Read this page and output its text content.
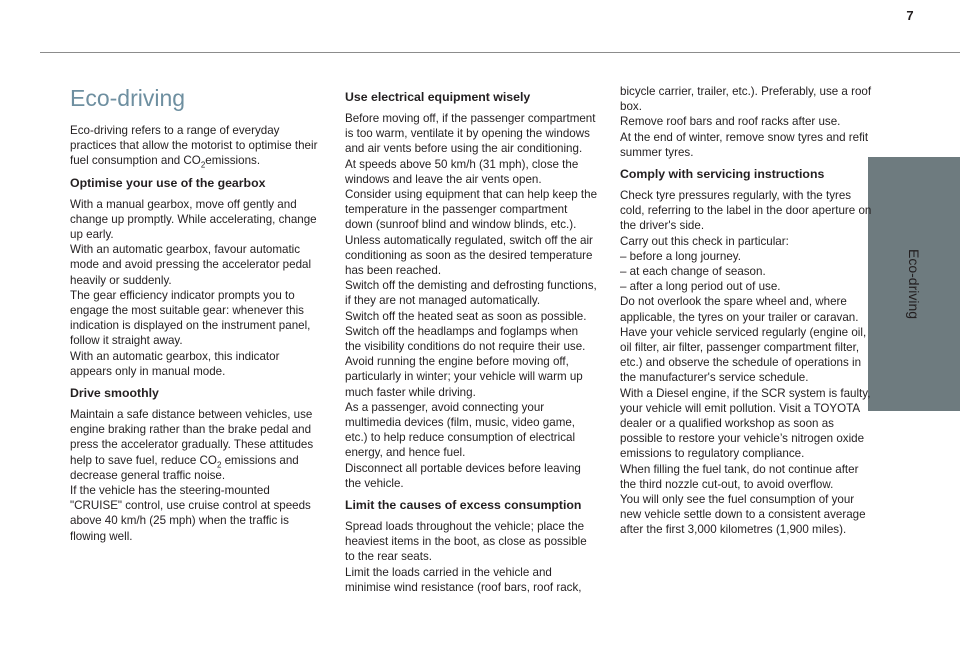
7
Eco-driving
Eco-driving

Eco-driving refers to a range of everyday practices that allow the motorist to optimise their fuel consumption and $CO_2emissions$.

Optimise your use of the gearbox

With a manual gearbox, move off gently and change up promptly. While accelerating, change up early.
With an automatic gearbox, favour automatic mode and avoid pressing the accelerator pedal heavily or suddenly.
The gear efficiency indicator prompts you to engage the most suitable gear: whenever this indication is displayed on the instrument panel, follow it straight away.
With an automatic gearbox, this indicator appears only in manual mode.

Drive smoothly

Maintain a safe distance between vehicles, use engine braking rather than the brake pedal and press the accelerator gradually. These attitudes help to save fuel, reduce $CO_2$ emissions and decrease general traffic noise.
If the vehicle has the steering-mounted "CRUISE" control, use cruise control at speeds above 40 km/h (25 mph) when the traffic is flowing well.

Use electrical equipment wisely

Before moving off, if the passenger compartment is too warm, ventilate it by opening the windows and air vents before using the air conditioning.
At speeds above 50 km/h (31 mph), close the windows and leave the air vents open.
Consider using equipment that can help keep the temperature in the passenger compartment down (sunroof blind and window blinds, etc.).
Unless automatically regulated, switch off the air conditioning as soon as the desired temperature has been reached.
Switch off the demisting and defrosting functions, if they are not managed automatically.
Switch off the heated seat as soon as possible.
Switch off the headlamps and foglamps when the visibility conditions do not require their use.
Avoid running the engine before moving off, particularly in winter; your vehicle will warm up much faster while driving.
As a passenger, avoid connecting your multimedia devices (film, music, video game, etc.) to help reduce consumption of electrical energy, and hence fuel.
Disconnect all portable devices before leaving the vehicle.

Limit the causes of excess consumption

Spread loads throughout the vehicle; place the heaviest items in the boot, as close as possible to the rear seats.
Limit the loads carried in the vehicle and minimise wind resistance (roof bars, roof rack,

bicycle carrier, trailer, etc.). Preferably, use a roof box.
Remove roof bars and roof racks after use.
At the end of winter, remove snow tyres and refit summer tyres.

Comply with servicing instructions

Check tyre pressures regularly, with the tyres cold, referring to the label in the door aperture on the driver's side.
Carry out this check in particular:
– before a long journey.
– at each change of season.
– after a long period out of use.
Do not overlook the spare wheel and, where applicable, the tyres on your trailer or caravan.
Have your vehicle serviced regularly (engine oil, oil filter, air filter, passenger compartment filter, etc.) and observe the schedule of operations in the manufacturer's service schedule.
With a Diesel engine, if the SCR system is faulty, your vehicle will emit pollution. Visit a TOYOTA dealer or a qualified workshop as soon as possible to restore your vehicle’s nitrogen oxide emissions to regulatory compliance.
When filling the fuel tank, do not continue after the third nozzle cut-out, to avoid overflow.
You will only see the fuel consumption of your new vehicle settle down to a consistent average after the first 3,000 kilometres (1,900 miles).
